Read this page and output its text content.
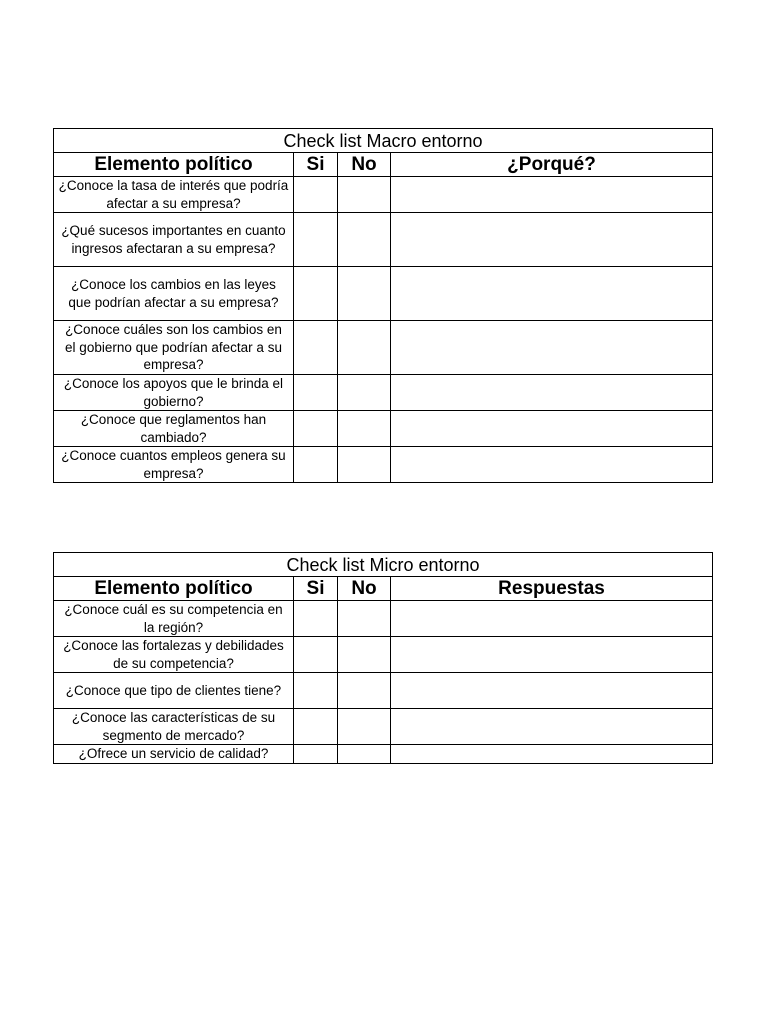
Check list Macro entorno			
Elemento político	Si	No	¿Porqué?
¿Conoce la tasa de interés que podría afectar a su empresa?			
¿Qué sucesos importantes en cuanto ingresos afectaran a su empresa?			
¿Conoce los cambios en las leyes que podrían afectar a su empresa?			
¿Conoce cuáles son los cambios en el gobierno que podrían afectar a su empresa?			
¿Conoce los apoyos que le brinda el gobierno?			
¿Conoce que reglamentos han cambiado?			
¿Conoce cuantos empleos genera su empresa?			
Check list Micro entorno			
Elemento político	Si	No	Respuestas
¿Conoce cuál es su competencia en la región?			
¿Conoce las fortalezas y debilidades de su competencia?			
¿Conoce que tipo de clientes tiene?			
¿Conoce las características de su segmento de mercado?			
¿Ofrece un servicio de calidad?			
